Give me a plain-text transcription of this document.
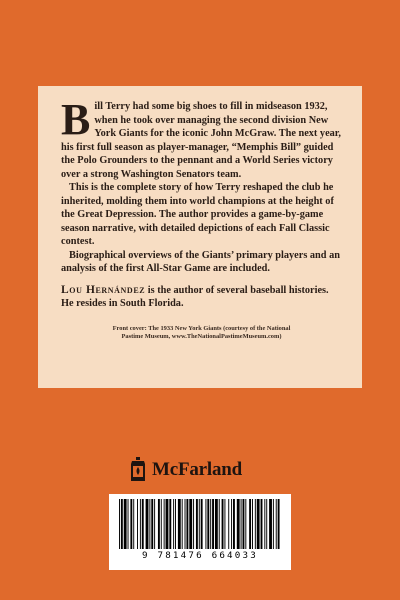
Bill Terry had some big shoes to fill in midseason 1932, when he took over managing the second division New York Giants for the iconic John McGraw. The next year, his first full season as player-manager, “Memphis Bill” guided the Polo Grounders to the pennant and a World Series victory over a strong Washington Senators team.

This is the complete story of how Terry reshaped the club he inherited, molding them into world champions at the height of the Great Depression. The author provides a game-by-game season narrative, with detailed depictions of each Fall Classic contest.

Biographical overviews of the Giants’ primary players and an analysis of the first All-Star Game are included.

Lou Hernández is the author of several baseball histories. He resides in South Florida.
Front cover: The 1933 New York Giants (courtesy of the National
Pastime Museum, www.TheNationalPastimeMuseum.com)
McFarland
9 781476 664033
